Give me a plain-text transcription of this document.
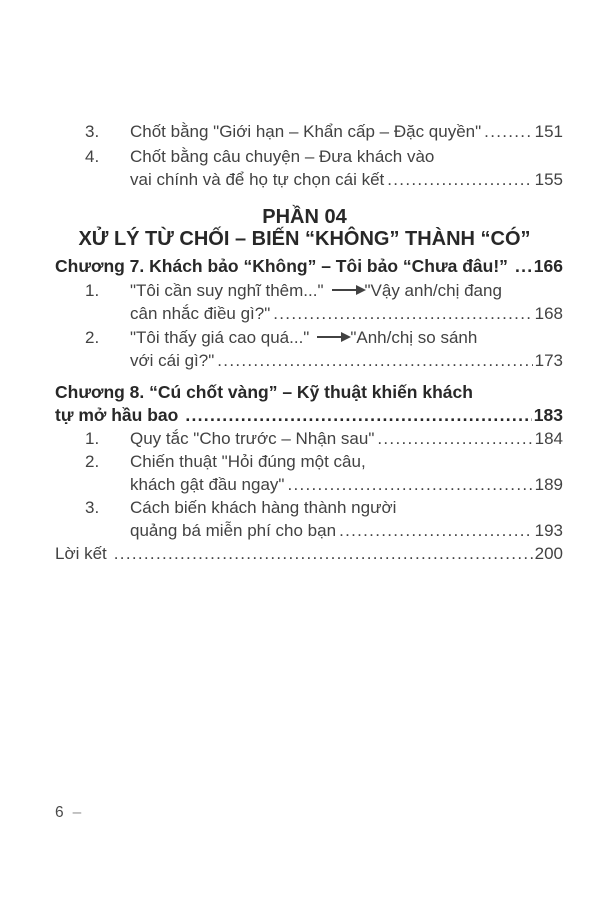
3.	Chốt bằng "Giới hạn – Khẩn cấp – Đặc quyền" .....	151
4.	Chốt bằng câu chuyện – Đưa khách vào
vai chính và để họ tự chọn cái kết .....	155
PHẦN 04
XỬ LÝ TỪ CHỐI – BIẾN “KHÔNG” THÀNH “CÓ”
Chương 7. Khách bảo “Không” – Tôi bảo “Chưa đâu!” ..... 166
1.	"Tôi cần suy nghĩ thêm..." "Vậy anh/chị đang
cân nhắc điều gì?" .....	168
2.	"Tôi thấy giá cao quá..." "Anh/chị so sánh
với cái gì?" .....	173
Chương 8. “Cú chốt vàng” – Kỹ thuật khiến khách
tự mở hầu bao .....	183
1.	Quy tắc "Cho trước – Nhận sau" .....	184
2.	Chiến thuật "Hỏi đúng một câu,
khách gật đầu ngay" .....	189
3.	Cách biến khách hàng thành người
quảng bá miễn phí cho bạn .....	193
Lời kết .....	200
6 –
